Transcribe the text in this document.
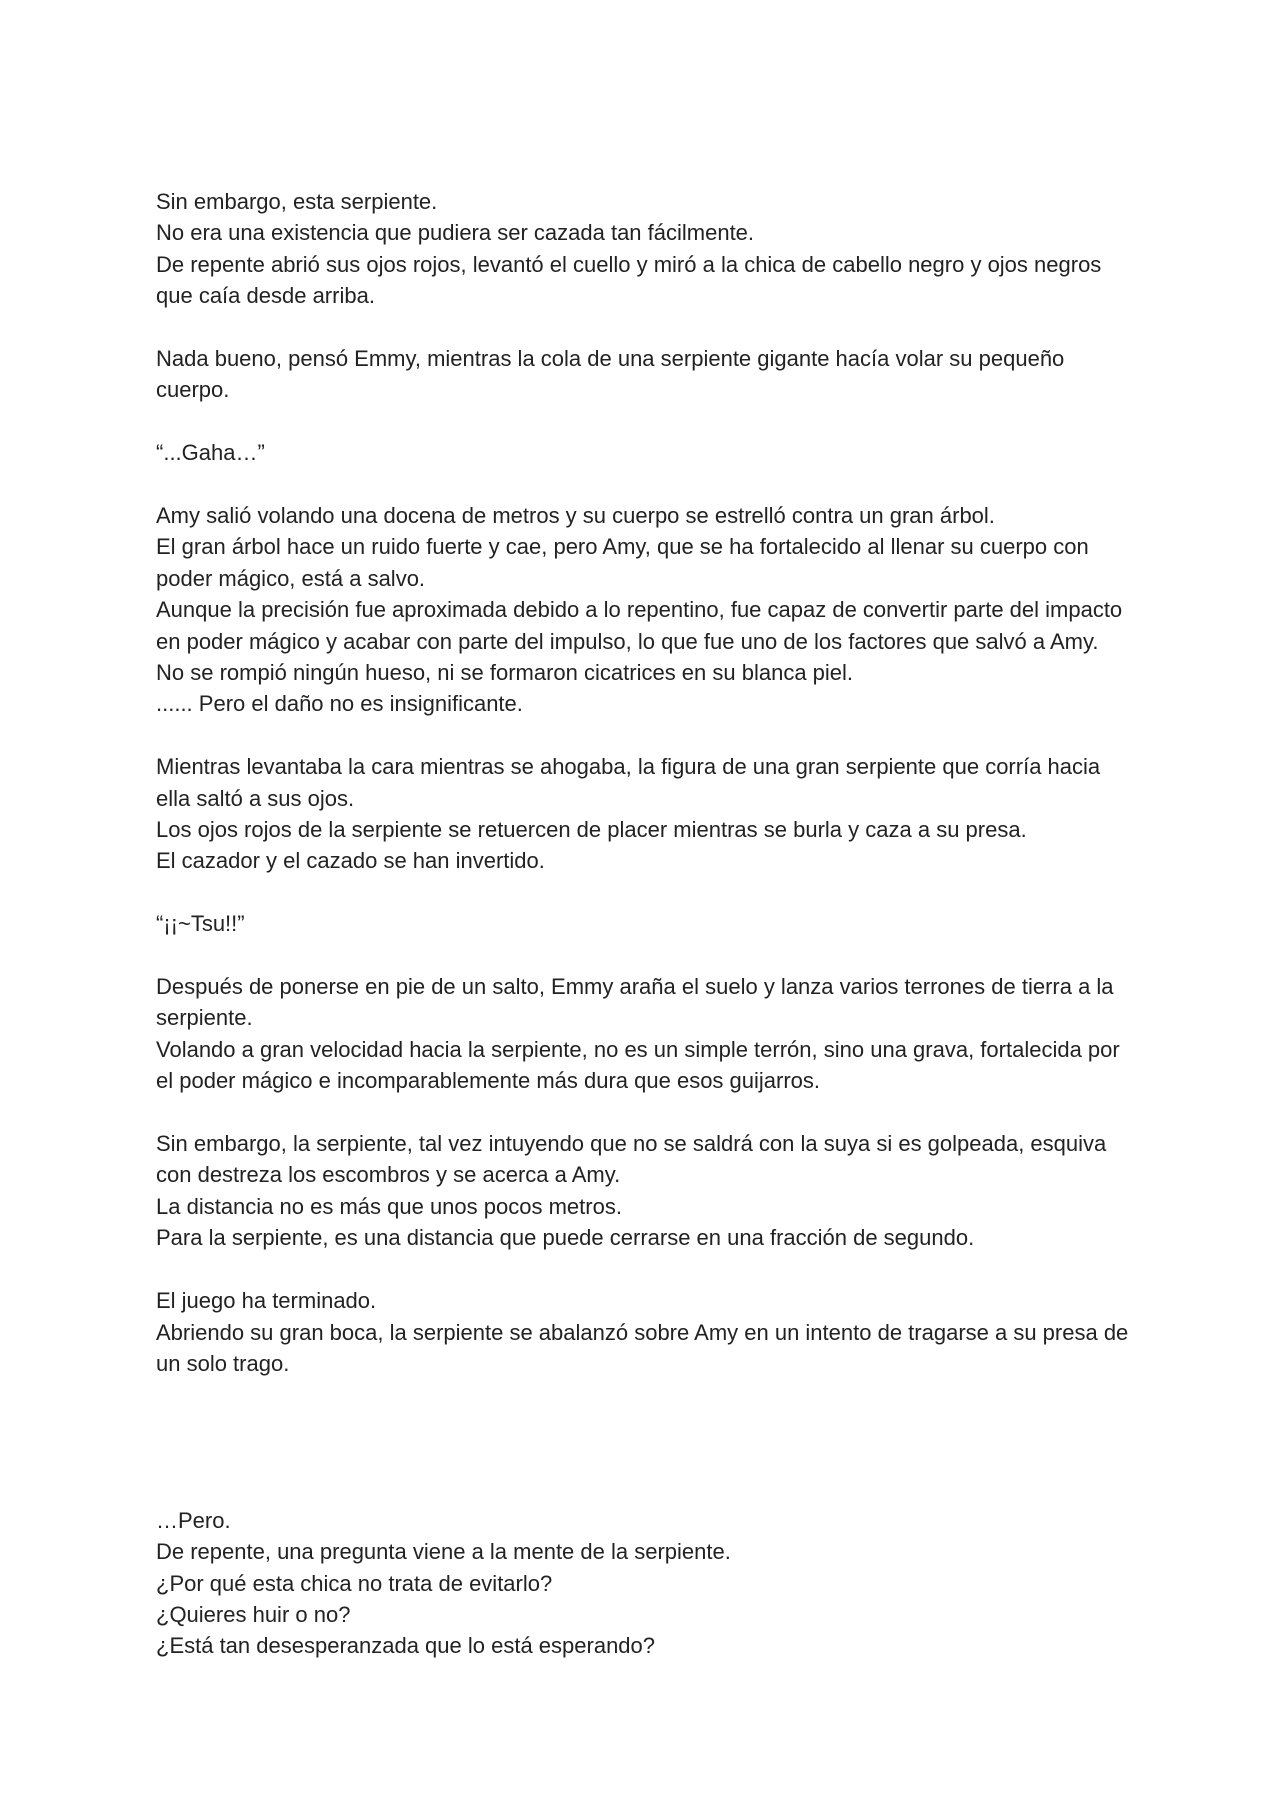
Sin embargo, esta serpiente.
No era una existencia que pudiera ser cazada tan fácilmente.
De repente abrió sus ojos rojos, levantó el cuello y miró a la chica de cabello negro y ojos negros que caía desde arriba.
Nada bueno, pensó Emmy, mientras la cola de una serpiente gigante hacía volar su pequeño cuerpo.
“...Gaha…”
Amy salió volando una docena de metros y su cuerpo se estrelló contra un gran árbol.
El gran árbol hace un ruido fuerte y cae, pero Amy, que se ha fortalecido al llenar su cuerpo con poder mágico, está a salvo.
Aunque la precisión fue aproximada debido a lo repentino, fue capaz de convertir parte del impacto en poder mágico y acabar con parte del impulso, lo que fue uno de los factores que salvó a Amy.
No se rompió ningún hueso, ni se formaron cicatrices en su blanca piel.
...... Pero el daño no es insignificante.
Mientras levantaba la cara mientras se ahogaba, la figura de una gran serpiente que corría hacia ella saltó a sus ojos.
Los ojos rojos de la serpiente se retuercen de placer mientras se burla y caza a su presa.
El cazador y el cazado se han invertido.
“¡¡~Tsu!!”
Después de ponerse en pie de un salto, Emmy araña el suelo y lanza varios terrones de tierra a la serpiente.
Volando a gran velocidad hacia la serpiente, no es un simple terrón, sino una grava, fortalecida por el poder mágico e incomparablemente más dura que esos guijarros.
Sin embargo, la serpiente, tal vez intuyendo que no se saldrá con la suya si es golpeada, esquiva con destreza los escombros y se acerca a Amy.
La distancia no es más que unos pocos metros.
Para la serpiente, es una distancia que puede cerrarse en una fracción de segundo.
El juego ha terminado.
Abriendo su gran boca, la serpiente se abalanzó sobre Amy en un intento de tragarse a su presa de un solo trago.
…Pero.
De repente, una pregunta viene a la mente de la serpiente.
¿Por qué esta chica no trata de evitarlo?
¿Quieres huir o no?
¿Está tan desesperanzada que lo está esperando?
